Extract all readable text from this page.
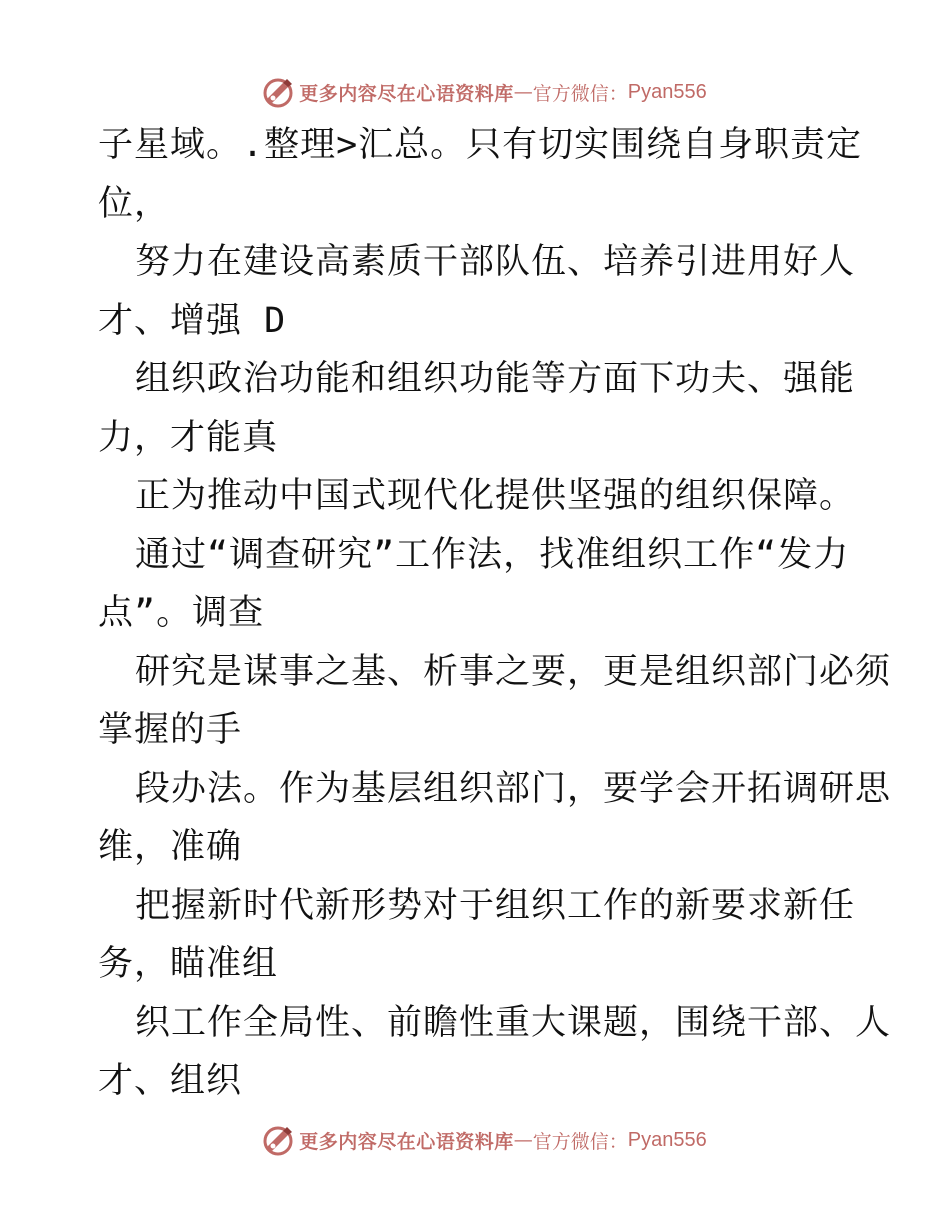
更多内容尽在心语资料库 — 官方微信： Pyan556
子星域。.整理>汇总。只有切实围绕自身职责定
位，
努力在建设高素质干部队伍、培养引进用好人
才、增强 D
组织政治功能和组织功能等方面下功夫、强能
力，才能真
正为推动中国式现代化提供坚强的组织保障。
通过“调查研究”工作法，找准组织工作“发力
点”。调查
研究是谋事之基、析事之要，更是组织部门必须
掌握的手
段办法。作为基层组织部门，要学会开拓调研思
维，准确
把握新时代新形势对于组织工作的新要求新任
务，瞄准组
织工作全局性、前瞻性重大课题，围绕干部、人
才、组织
更多内容尽在心语资料库 — 官方微信： Pyan556
